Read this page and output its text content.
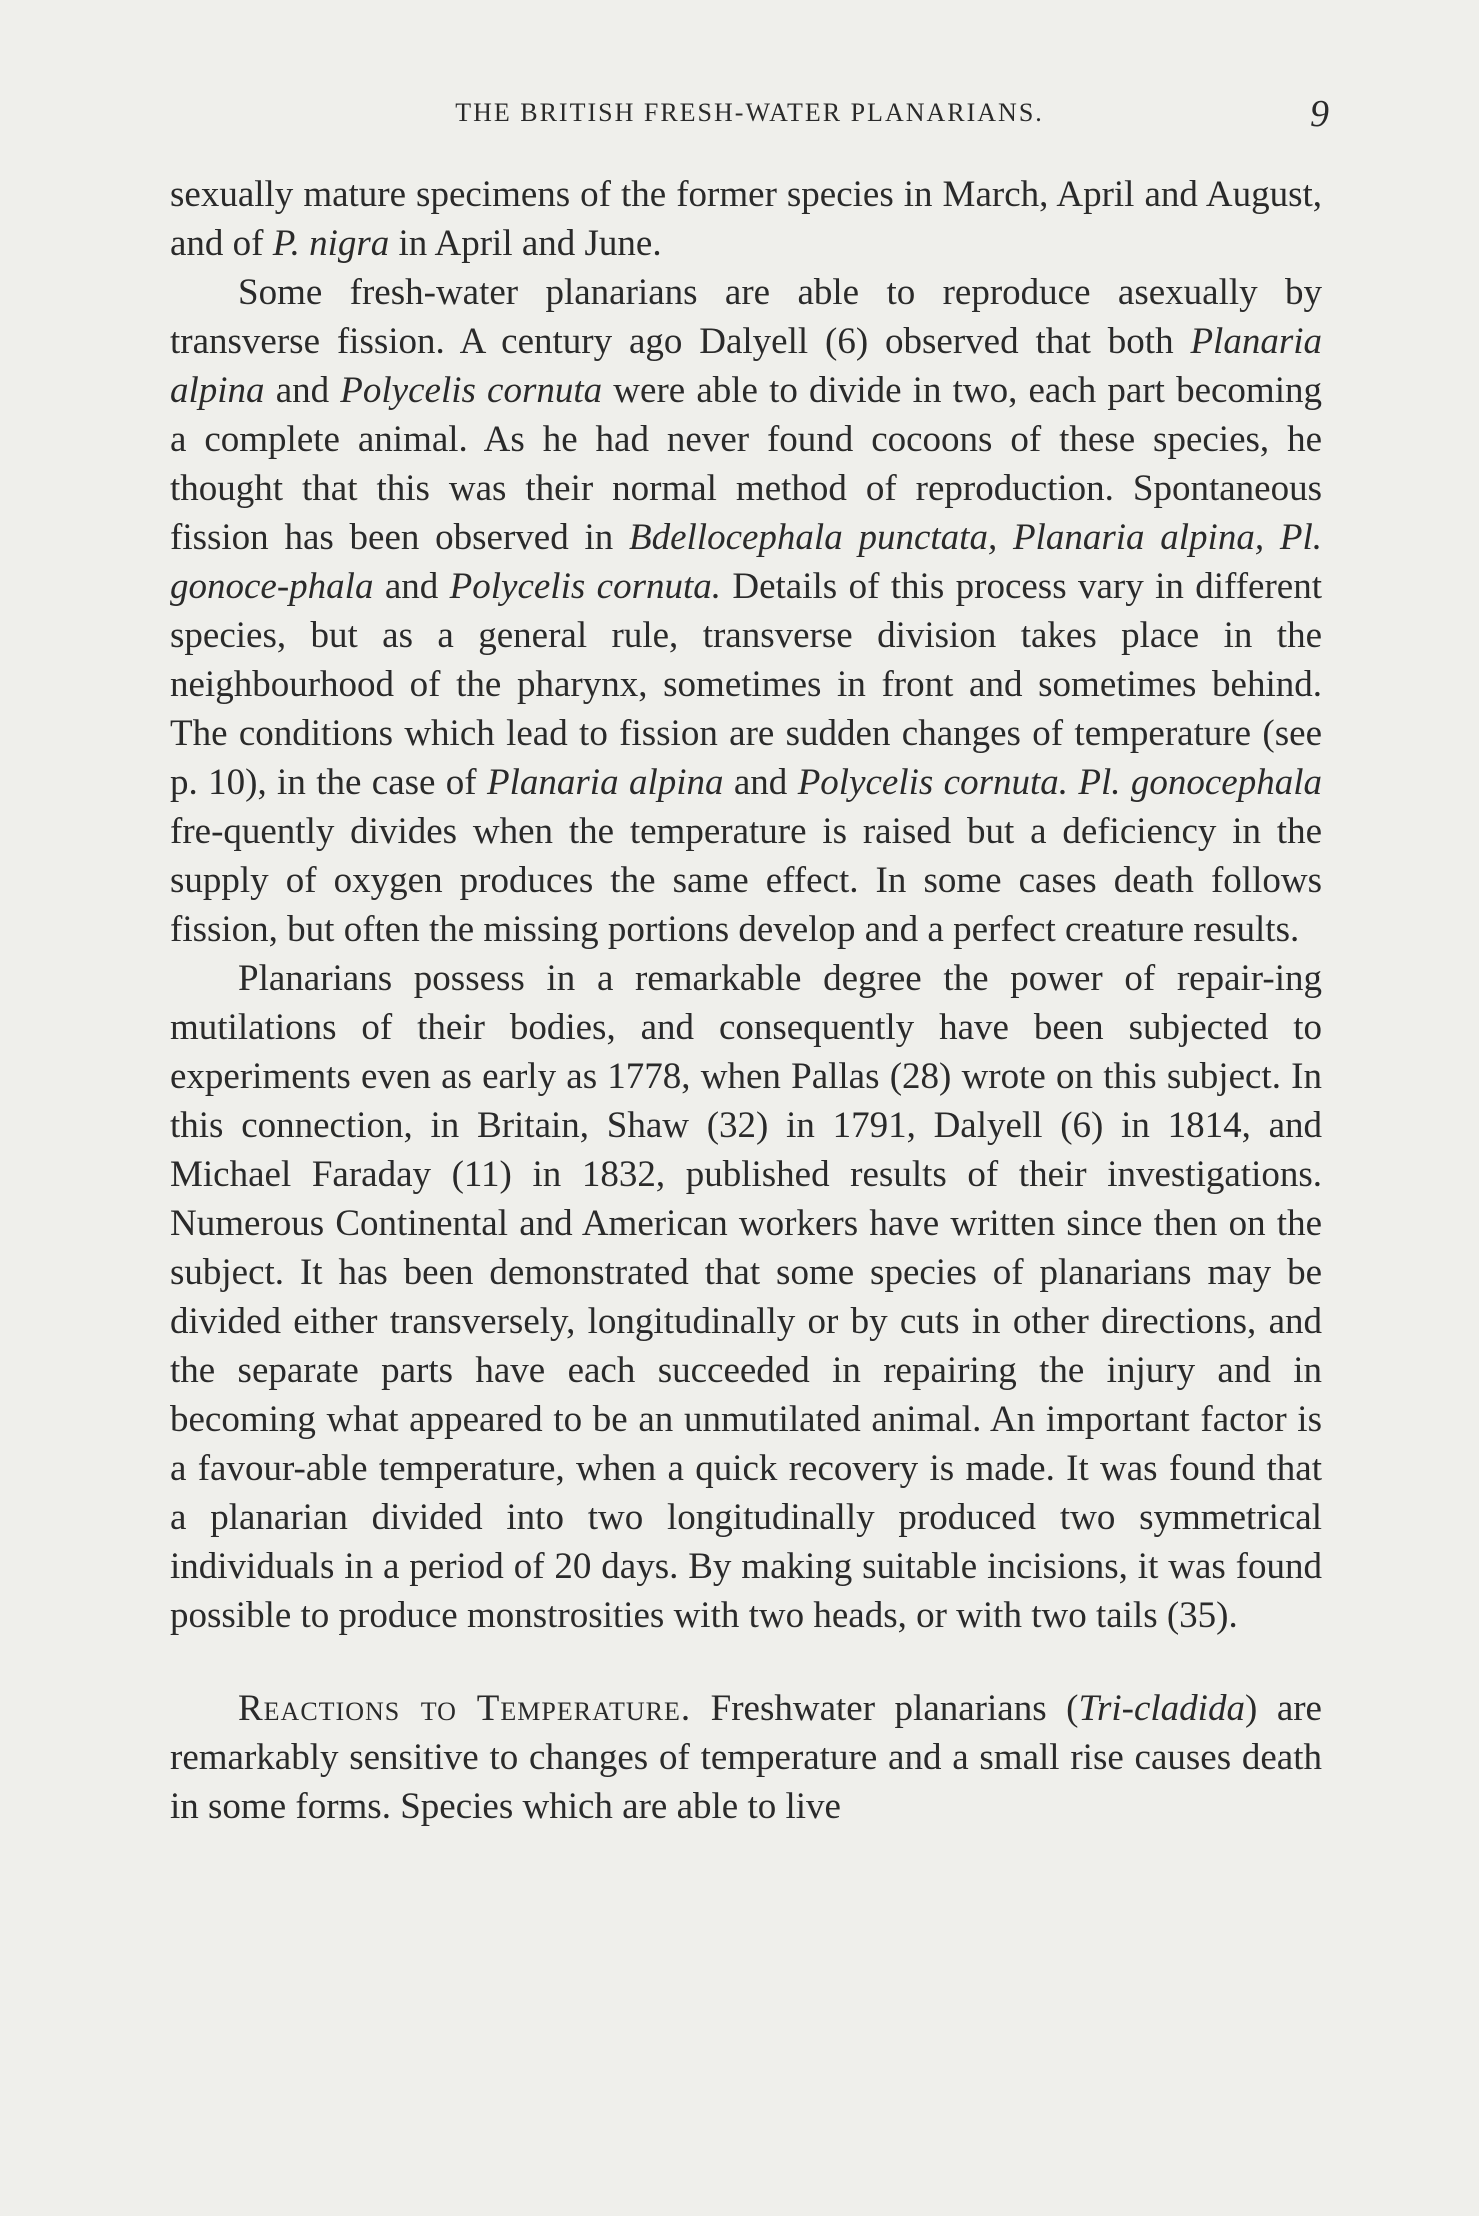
THE BRITISH FRESH-WATER PLANARIANS.	9

sexually mature specimens of the former species in March, April and August, and of P. nigra in April and June.

Some fresh-water planarians are able to reproduce asexually by transverse fission. A century ago Dalyell (6) observed that both Planaria alpina and Polycelis cornuta were able to divide in two, each part becoming a complete animal. As he had never found cocoons of these species, he thought that this was their normal method of reproduction. Spontaneous fission has been observed in Bdellocephala punctata, Planaria alpina, Pl. gonoce-phala and Polycelis cornuta. Details of this process vary in different species, but as a general rule, transverse division takes place in the neighbourhood of the pharynx, sometimes in front and sometimes behind. The conditions which lead to fission are sudden changes of temperature (see p. 10), in the case of Planaria alpina and Polycelis cornuta. Pl. gonocephala fre-quently divides when the temperature is raised but a deficiency in the supply of oxygen produces the same effect. In some cases death follows fission, but often the missing portions develop and a perfect creature results.

Planarians possess in a remarkable degree the power of repair-ing mutilations of their bodies, and consequently have been subjected to experiments even as early as 1778, when Pallas (28) wrote on this subject. In this connection, in Britain, Shaw (32) in 1791, Dalyell (6) in 1814, and Michael Faraday (11) in 1832, published results of their investigations. Numerous Continental and American workers have written since then on the subject. It has been demonstrated that some species of planarians may be divided either transversely, longitudinally or by cuts in other directions, and the separate parts have each succeeded in repairing the injury and in becoming what appeared to be an unmutilated animal. An important factor is a favour-able temperature, when a quick recovery is made. It was found that a planarian divided into two longitudinally produced two symmetrical individuals in a period of 20 days. By making suitable incisions, it was found possible to produce monstrosities with two heads, or with two tails (35).

Reactions to Temperature. Freshwater planarians (Tri-cladida) are remarkably sensitive to changes of temperature and a small rise causes death in some forms. Species which are able to live
